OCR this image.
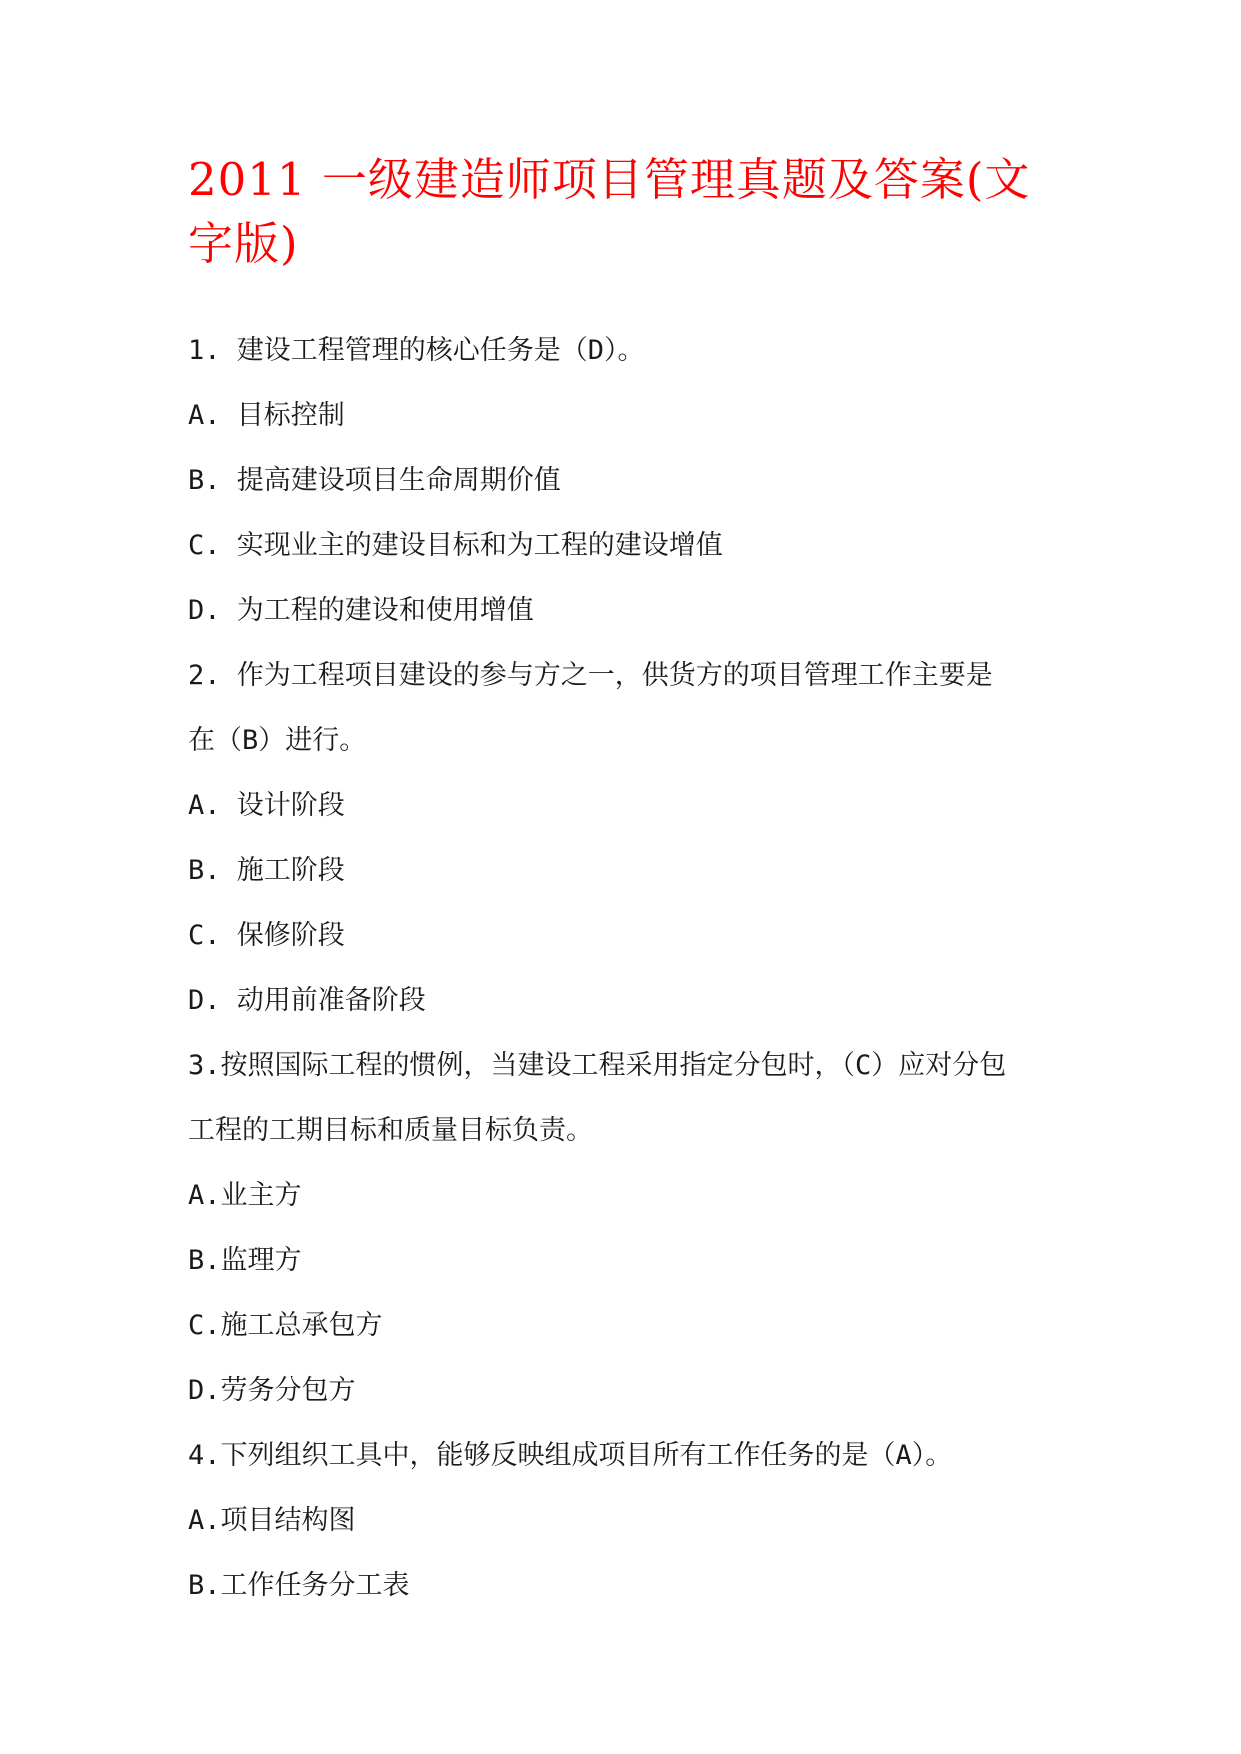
2011 一级建造师项目管理真题及答案(文字版)

1. 建设工程管理的核心任务是（D）。

A. 目标控制

B. 提高建设项目生命周期价值

C. 实现业主的建设目标和为工程的建设增值

D. 为工程的建设和使用增值

2. 作为工程项目建设的参与方之一，供货方的项目管理工作主要是

在（B）进行。

A. 设计阶段

B. 施工阶段

C. 保修阶段

D. 动用前准备阶段

3.按照国际工程的惯例，当建设工程采用指定分包时，（C）应对分包

工程的工期目标和质量目标负责。

A.业主方

B.监理方

C.施工总承包方

D.劳务分包方

4.下列组织工具中，能够反映组成项目所有工作任务的是（A）。

A.项目结构图

B.工作任务分工表
